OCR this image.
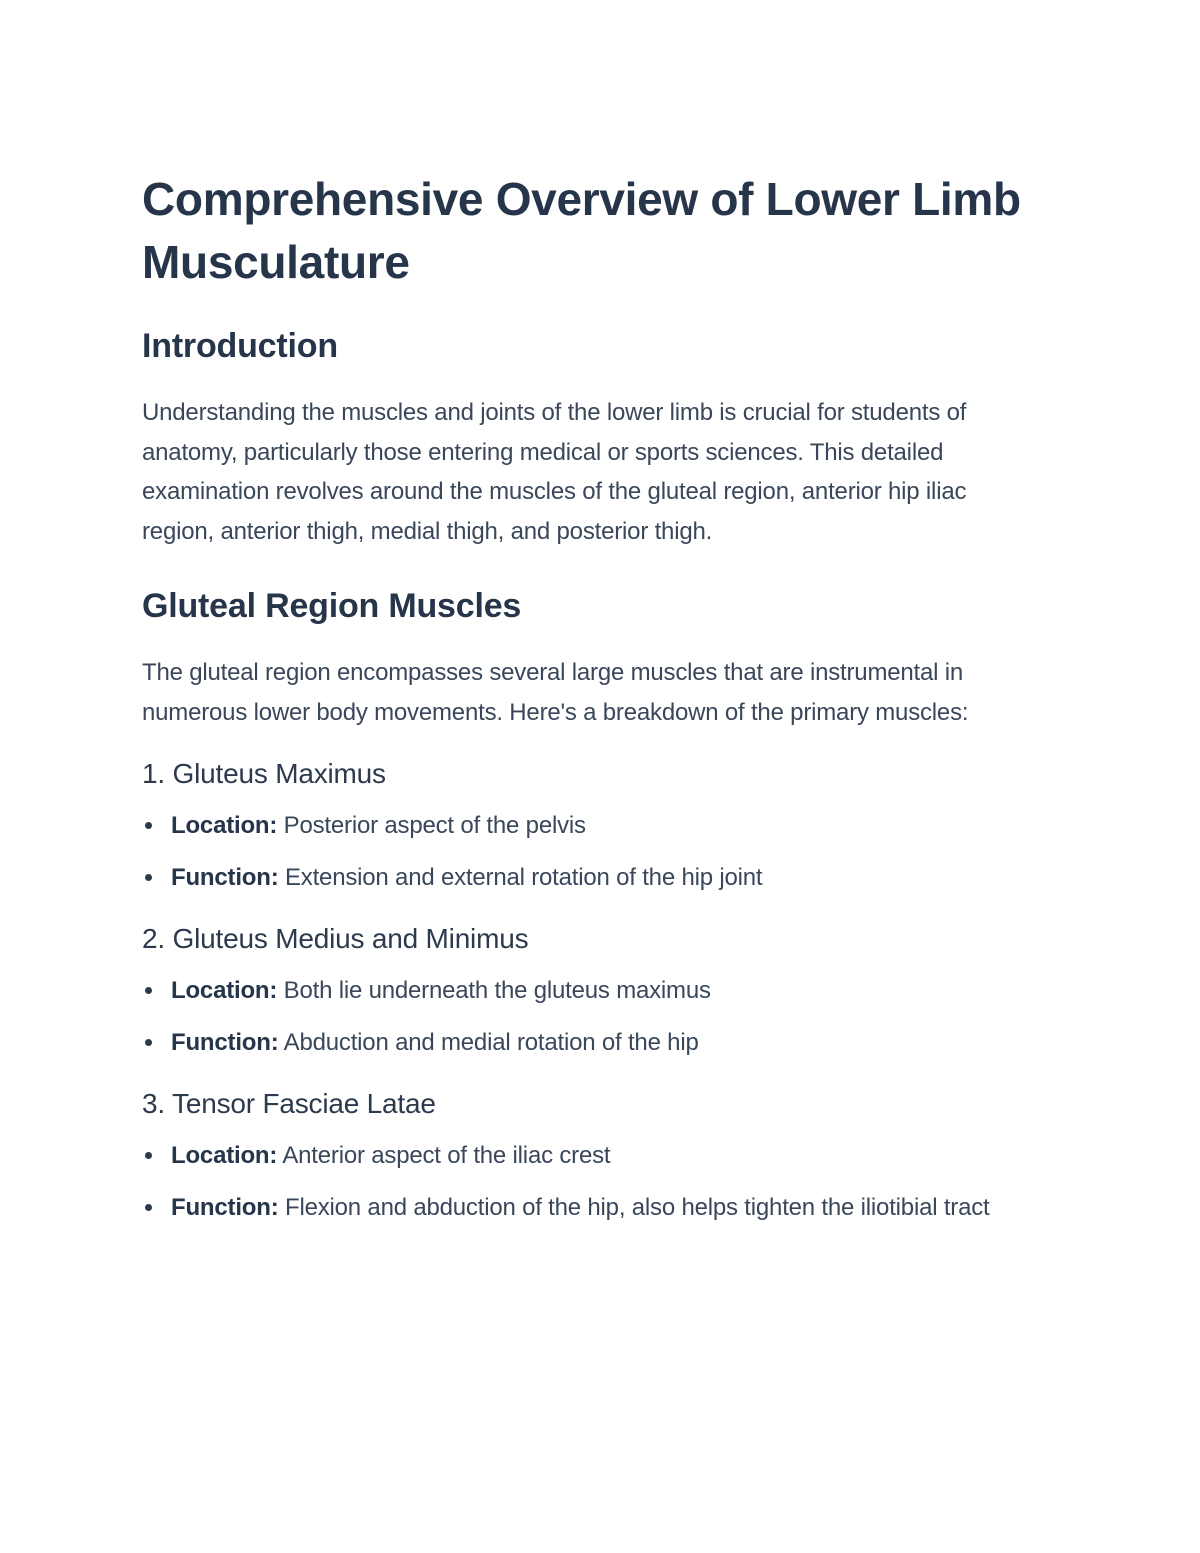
Comprehensive Overview of Lower Limb Musculature
Introduction

Understanding the muscles and joints of the lower limb is crucial for students of anatomy, particularly those entering medical or sports sciences. This detailed examination revolves around the muscles of the gluteal region, anterior hip iliac region, anterior thigh, medial thigh, and posterior thigh.

Gluteal Region Muscles

The gluteal region encompasses several large muscles that are instrumental in numerous lower body movements. Here's a breakdown of the primary muscles:

1. Gluteus Maximus
Location: Posterior aspect of the pelvis
Function: Extension and external rotation of the hip joint
2. Gluteus Medius and Minimus
Location: Both lie underneath the gluteus maximus
Function: Abduction and medial rotation of the hip
3. Tensor Fasciae Latae
Location: Anterior aspect of the iliac crest
Function: Flexion and abduction of the hip, also helps tighten the iliotibial tract
